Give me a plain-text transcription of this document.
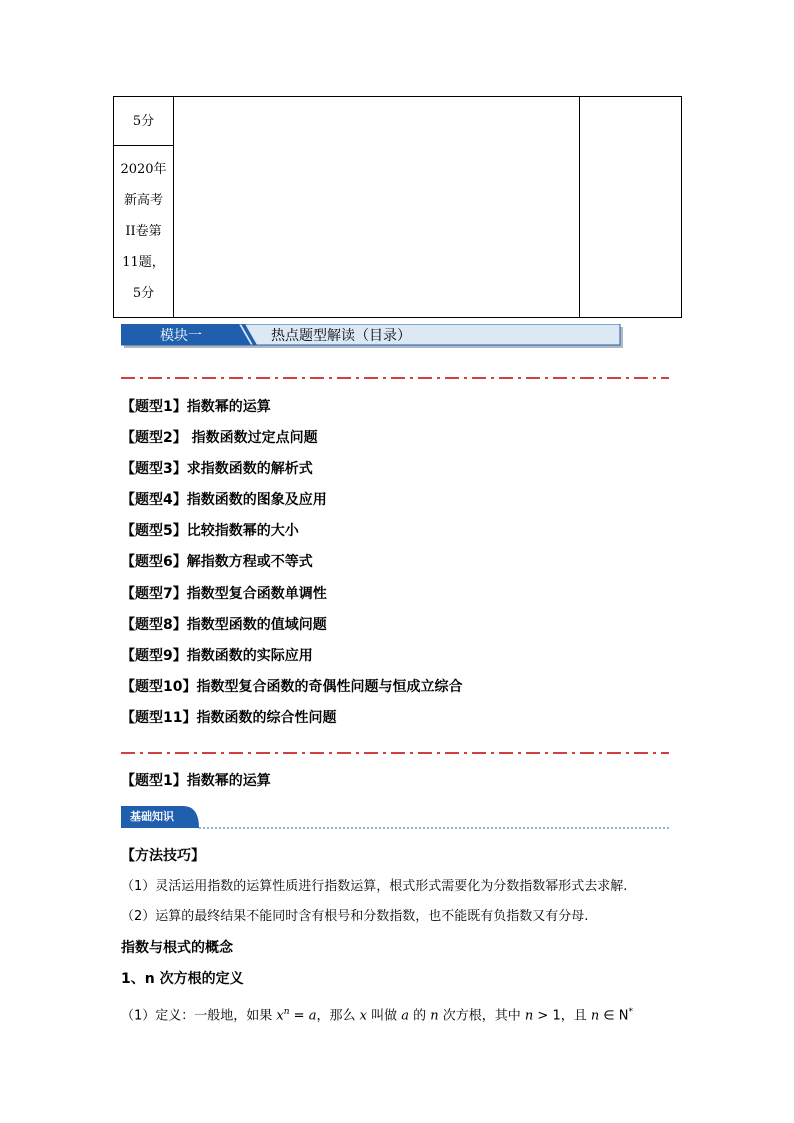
5分
2020年
新高考
II卷第
11题，
5分
模块一	热点题型解读（目录）
【题型1】指数幂的运算
【题型2】 指数函数过定点问题
【题型3】求指数函数的解析式
【题型4】指数函数的图象及应用
【题型5】比较指数幂的大小
【题型6】解指数方程或不等式
【题型7】指数型复合函数单调性
【题型8】指数型函数的值域问题
【题型9】指数函数的实际应用
【题型10】指数型复合函数的奇偶性问题与恒成立综合
【题型11】指数函数的综合性问题
【题型1】指数幂的运算
基础知识
【方法技巧】
（1）灵活运用指数的运算性质进行指数运算，根式形式需要化为分数指数幂形式去求解.
（2）运算的最终结果不能同时含有根号和分数指数，也不能既有负指数又有分母.
指数与根式的概念
1、n 次方根的定义
（1）定义：一般地，如果 $x^n = a$，那么 x 叫做 a 的 n 次方根，其中 n > 1，且 n ∈ N*
